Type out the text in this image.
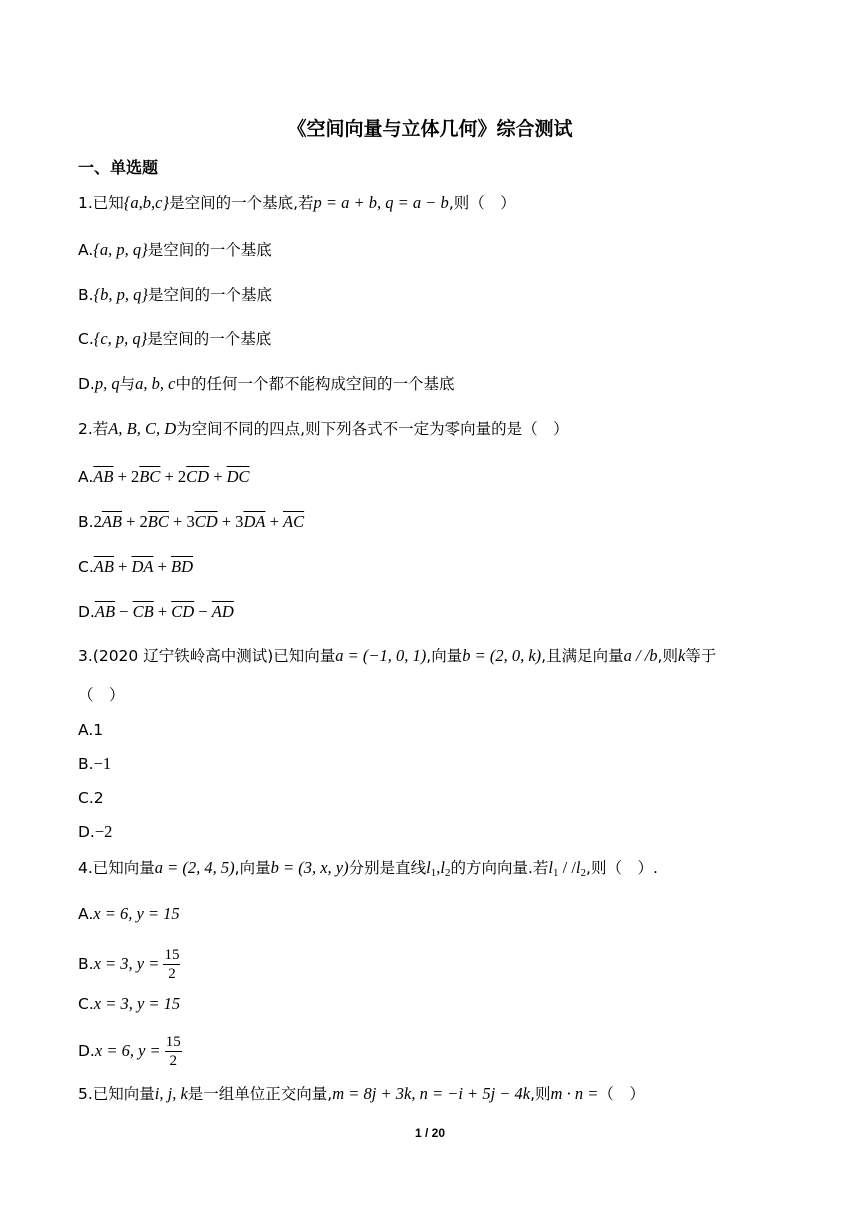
《空间向量与立体几何》综合测试
一、单选题
1.已知{a,b,c}是空间的一个基底,若p = a + b, q = a − b,则（　）
A.{a, p, q}是空间的一个基底
B.{b, p, q}是空间的一个基底
C.{c, p, q}是空间的一个基底
D.p, q与a, b, c中的任何一个都不能构成空间的一个基底
2.若A, B, C, D为空间不同的四点,则下列各式不一定为零向量的是（　）
$A.\overline{AB} + 2\overline{BC} + 2\overline{CD} + \overline{DC}$
$B.2\overline{AB} + 2\overline{BC} + 3\overline{CD} + 3\overline{DA} + \overline{AC}$
$C.\overline{AB} + \overline{DA} + \overline{BD}$
$D.\overline{AB} - \overline{CB} + \overline{CD} - \overline{AD}$
3.(2020 辽宁铁岭高中测试)已知向量a = (−1, 0, 1),向量b = (2, 0, k),且满足向量a / /b,则k等于
（　）
A.1
B.−1
C.2
D.−2
4.已知向量a = (2, 4, 5),向量b = (3, x, y)分别是直线$l_1,l_2$的方向向量.若$l_1 / /l_2$,则（　）.
A.x = 6, y = 15
B.x = 3, $y = \frac{15}{2}$
C.x = 3, y = 15
D.x = 6, $y = \frac{15}{2}$
5.已知向量i, j, k是一组单位正交向量,m = 8j + 3k, n = −i + 5j − 4k,则m · n =（　）
1 / 20
